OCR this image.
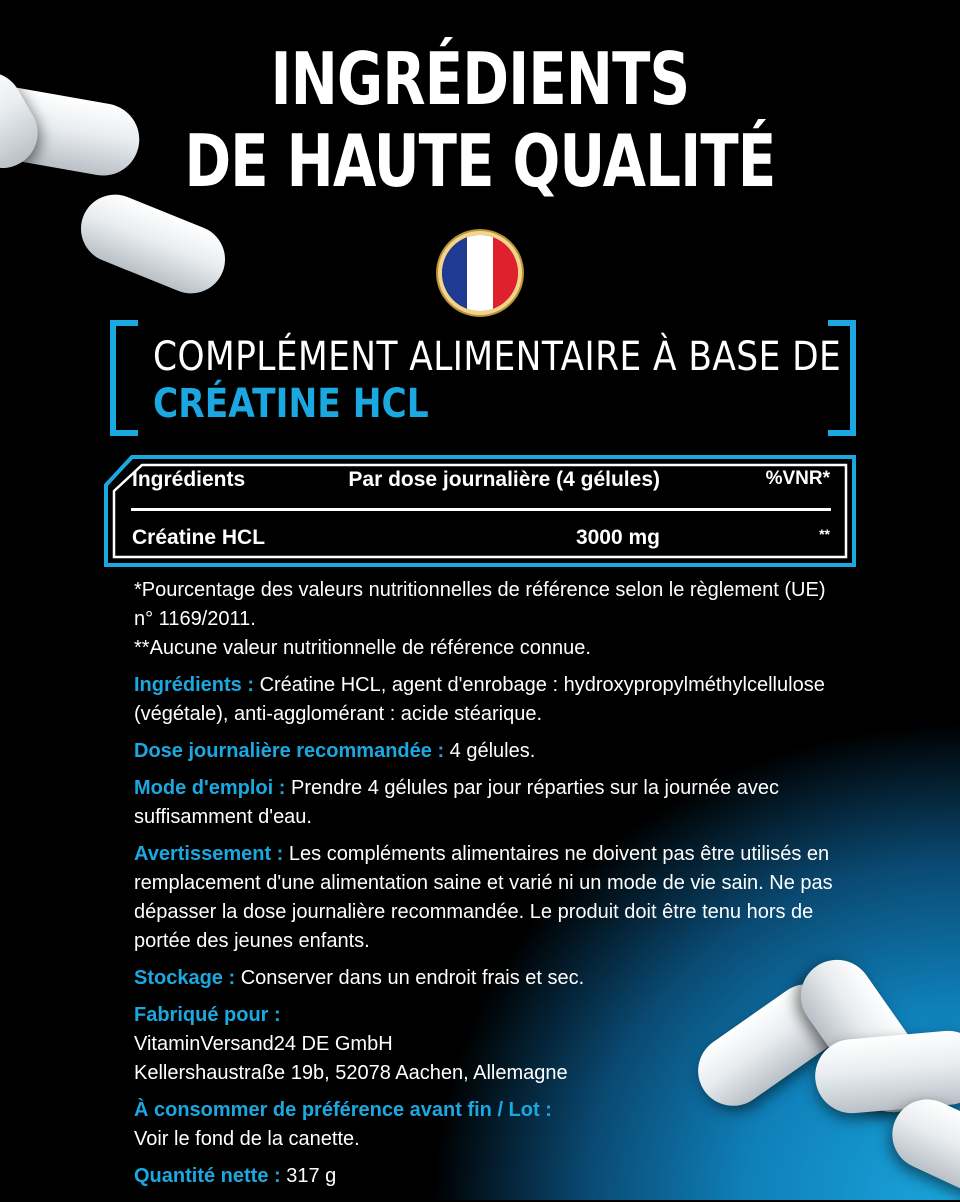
INGRÉDIENTS
DE HAUTE QUALITÉ
COMPLÉMENT ALIMENTAIRE À BASE DE
CRÉATINE HCL
Ingrédients	Par dose journalière (4 gélules)	%VNR*
Créatine HCL	3000 mg	**

*Pourcentage des valeurs nutritionnelles de référence selon le règlement (UE) n° 1169/2011.

**Aucune valeur nutritionnelle de référence connue.

Ingrédients : Créatine HCL, agent d'enrobage : hydroxypropylméthylcellulose (végétale), anti-agglomérant : acide stéarique.

Dose journalière recommandée : 4 gélules.

Mode d'emploi : Prendre 4 gélules par jour réparties sur la journée avec suffisamment d'eau.

Avertissement : Les compléments alimentaires ne doivent pas être utilisés en remplacement d'une alimentation saine et varié ni un mode de vie sain. Ne pas dépasser la dose journalière recommandée. Le produit doit être tenu hors de portée des jeunes enfants.

Stockage : Conserver dans un endroit frais et sec.

Fabriqué pour :
VitaminVersand24 DE GmbH
Kellershaustraße 19b, 52078 Aachen, Allemagne

À consommer de préférence avant fin / Lot :
Voir le fond de la canette.

Quantité nette : 317 g
